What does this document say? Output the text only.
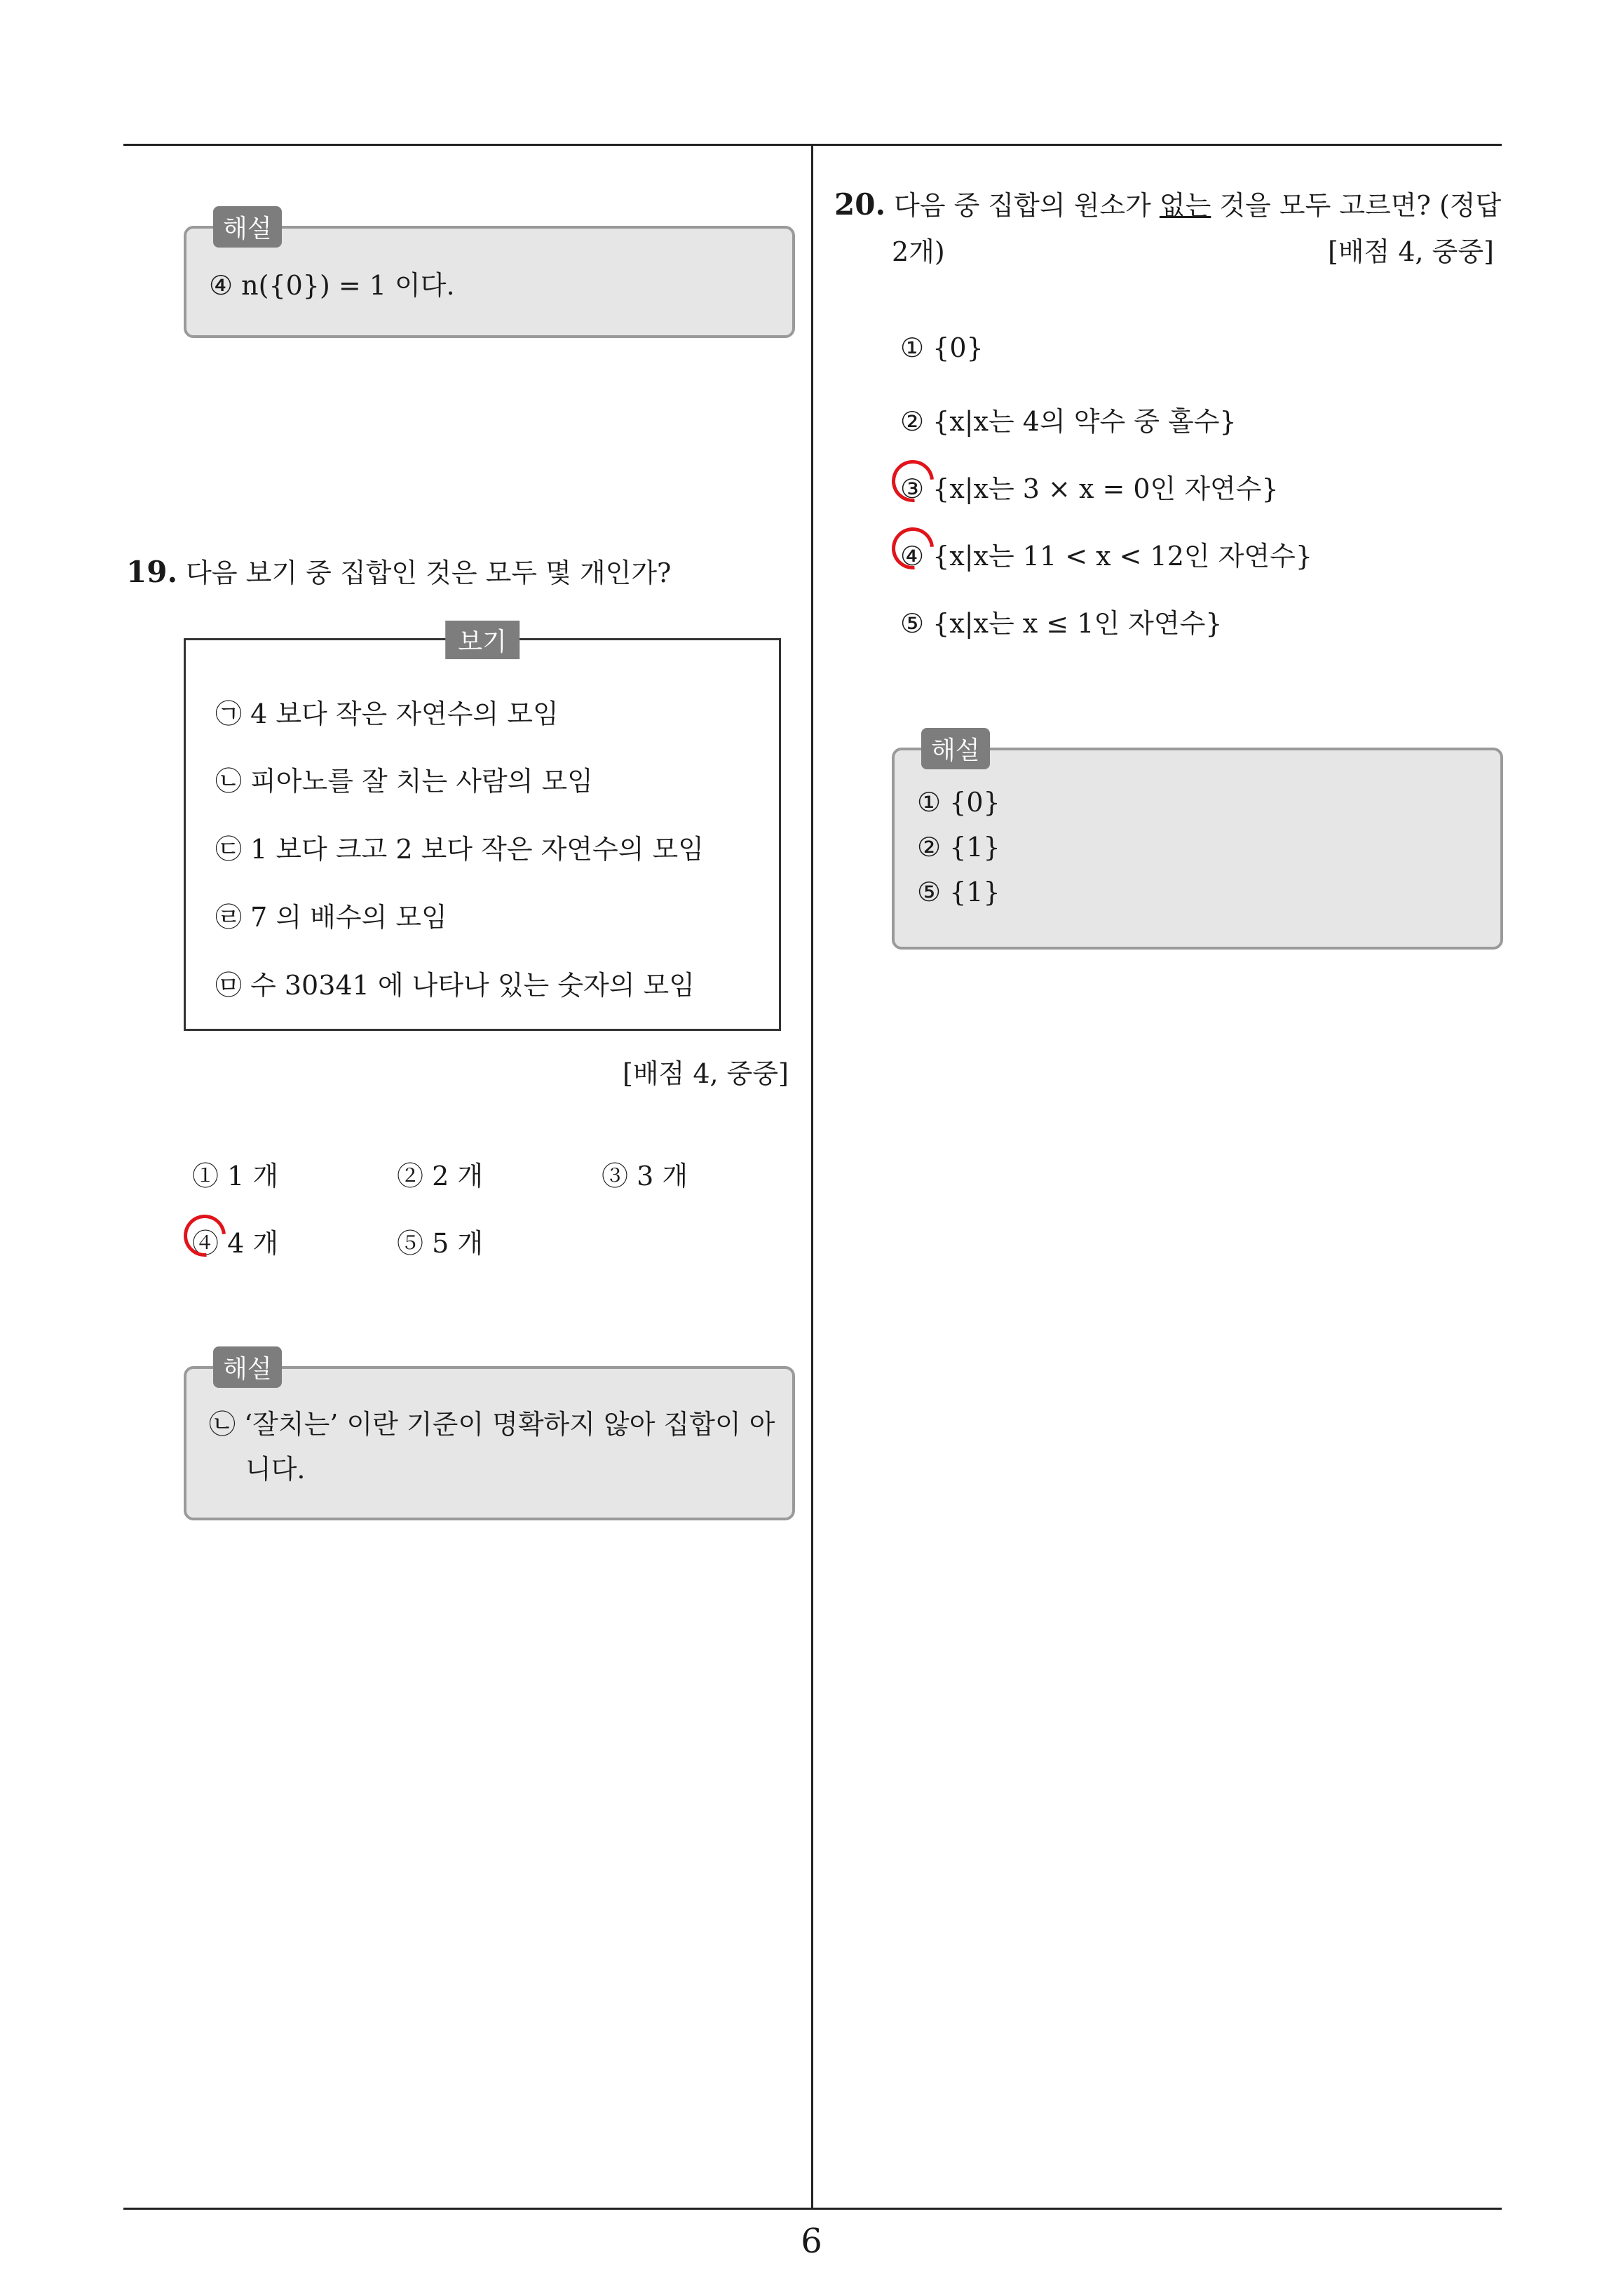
해설
④ n({0}) = 1 이다.
19. 다음 보기 중 집합인 것은 모두 몇 개인가?
보기
㉠ 4 보다 작은 자연수의 모임
㉡ 피아노를 잘 치는 사람의 모임
㉢ 1 보다 크고 2 보다 작은 자연수의 모임
㉣ 7 의 배수의 모임
㉤ 수 30341 에 나타나 있는 숫자의 모임
[배점 4, 중중]
① 1 개	② 2 개	③ 3 개
④ 4 개	⑤ 5 개
해설
㉡ ‘잘치는’ 이란 기준이 명확하지 않아 집합이 아
니다.
20. 다음 중 집합의 원소가 없는 것을 모두 고르면? (정답
2개)	[배점 4, 중중]
① {0}
② {x|x는 4의 약수 중 홀수}
③ {x|x는 3 × x = 0인 자연수}
④ {x|x는 11 < x < 12인 자연수}
⑤ {x|x는 x ≤ 1인 자연수}
해설
① {0}
② {1}
⑤ {1}
6
